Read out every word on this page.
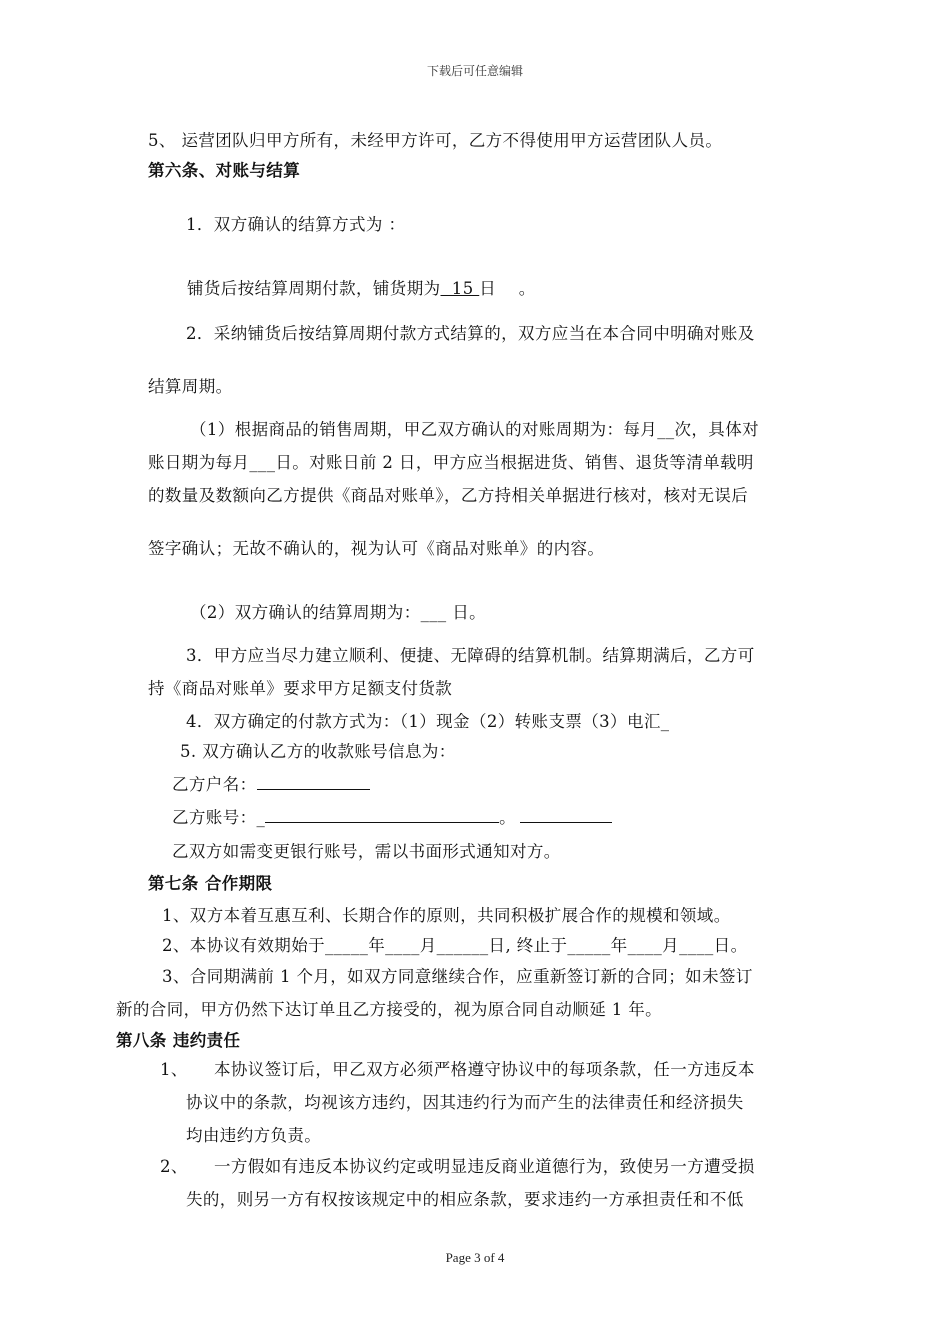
下载后可任意编辑
5、 运营团队归甲方所有，未经甲方许可，乙方不得使用甲方运营团队人员。
第六条、对账与结算
1．双方确认的结算方式为 ：
铺货后按结算周期付款，铺货期为  15 日    。
2．采纳铺货后按结算周期付款方式结算的，双方应当在本合同中明确对账及
结算周期。
（1）根据商品的销售周期，甲乙双方确认的对账周期为：每月__次，具体对
账日期为每月___日。对账日前 2 日，甲方应当根据进货、销售、退货等清单载明
的数量及数额向乙方提供《商品对账单》，乙方持相关单据进行核对，核对无误后
签字确认；无故不确认的，视为认可《商品对账单》的内容。
（2）双方确认的结算周期为：___ 日。
3．甲方应当尽力建立顺利、便捷、无障碍的结算机制。结算期满后，乙方可
持《商品对账单》要求甲方足额支付货款
4．双方确定的付款方式为：（1）现金（2）转账支票（3）电汇_
5. 双方确认乙方的收款账号信息为：
乙方户名：
乙方账号：_	。
乙双方如需变更银行账号，需以书面形式通知对方。
第七条 合作期限
1、双方本着互惠互利、长期合作的原则，共同积极扩展合作的规模和领域。
2、本协议有效期始于_____年____月______日, 终止于_____年____月____日。
3、合同期满前 1 个月，如双方同意继续合作，应重新签订新的合同；如未签订
新的合同，甲方仍然下达订单且乙方接受的，视为原合同自动顺延 1 年。
第八条 违约责任
1、 本协议签订后，甲乙双方必须严格遵守协议中的每项条款，任一方违反本
协议中的条款，均视该方违约，因其违约行为而产生的法律责任和经济损失
均由违约方负责。
2、 一方假如有违反本协议约定或明显违反商业道德行为，致使另一方遭受损
失的，则另一方有权按该规定中的相应条款，要求违约一方承担责任和不低
Page 3 of 4
